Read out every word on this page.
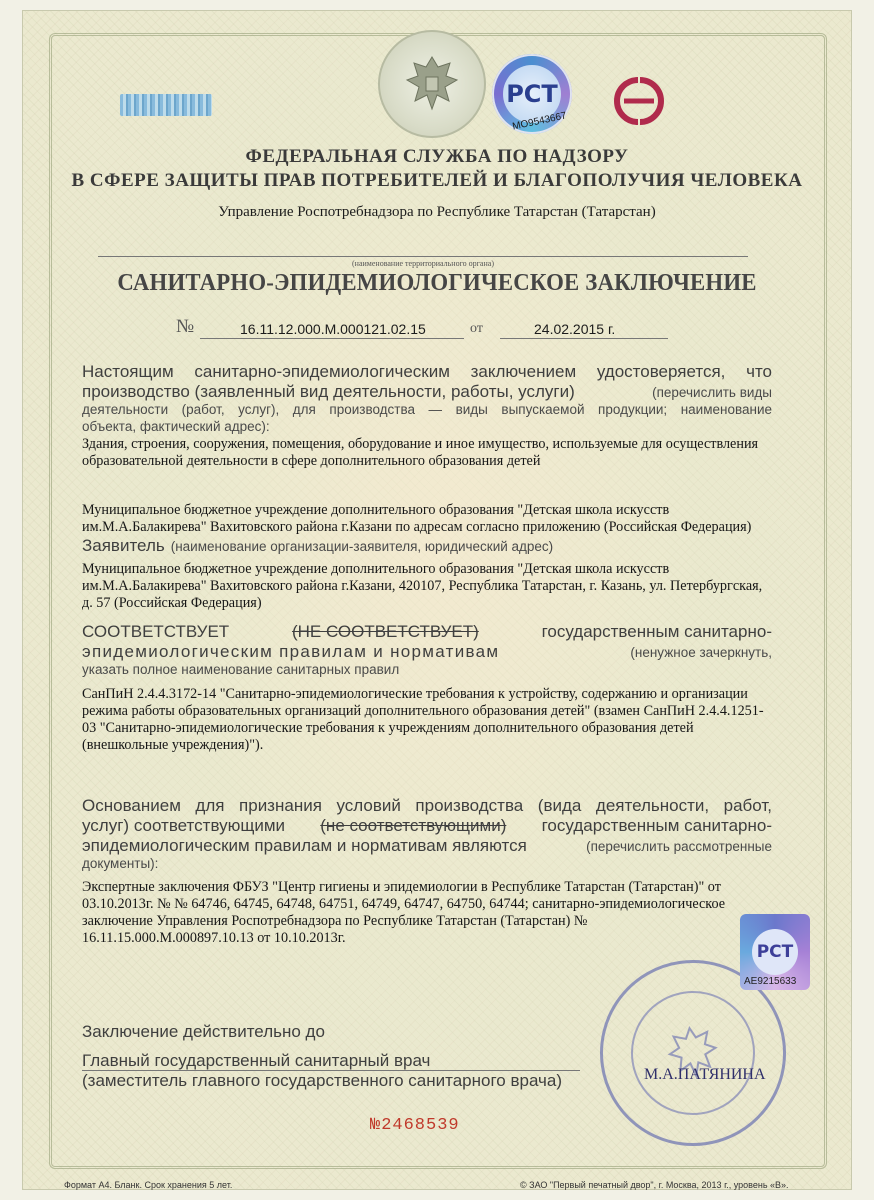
РСТ
MO9543667
ФЕДЕРАЛЬНАЯ СЛУЖБА ПО НАДЗОРУ
В СФЕРЕ ЗАЩИТЫ ПРАВ ПОТРЕБИТЕЛЕЙ И БЛАГОПОЛУЧИЯ ЧЕЛОВЕКА
Управление Роспотребнадзора по Республике Татарстан (Татарстан)
(наименование территориального органа)
САНИТАРНО-ЭПИДЕМИОЛОГИЧЕСКОЕ ЗАКЛЮЧЕНИЕ
№	16.11.12.000.М.000121.02.15	от	24.02.2015 г.
Настоящим санитарно-эпидемиологическим заключением удостоверяется, что
производство (заявленный вид деятельности, работы, услуги)	(перечислить виды
деятельности (работ, услуг), для производства — виды выпускаемой продукции; наименование
объекта, фактический адрес):
Здания, строения, сооружения, помещения, оборудование и иное имущество, используемые для осуществления
образовательной деятельности в сфере дополнительного образования детей
Муниципальное бюджетное учреждение дополнительного образования "Детская школа искусств
им.М.А.Балакирева" Вахитовского района г.Казани по адресам согласно приложению (Российская Федерация)
Заявитель (наименование организации-заявителя, юридический адрес)
Муниципальное бюджетное учреждение дополнительного образования "Детская школа искусств
им.М.А.Балакирева" Вахитовского района г.Казани, 420107, Республика Татарстан, г. Казань, ул. Петербургская,
д. 57 (Российская Федерация)
СООТВЕТСТВУЕТ	(НЕ СООТВЕТСТВУЕТ)	государственным санитарно-
эпидемиологическим правилам и нормативам	(ненужное зачеркнуть,
указать полное наименование санитарных правил
СанПиН 2.4.4.3172-14 "Санитарно-эпидемиологические требования к устройству, содержанию и организации
режима работы образовательных организаций дополнительного образования детей" (взамен СанПиН 2.4.4.1251-
03 "Санитарно-эпидемиологические требования к учреждениям дополнительного образования детей
(внешкольные учреждения)").
Основанием для признания условий производства (вида деятельности, работ,
услуг) соответствующими (не соответствующими) государственным санитарно-
эпидемиологическим правилам и нормативам являются	(перечислить рассмотренные
документы):
Экспертные заключения ФБУЗ "Центр гигиены и эпидемиологии в Республике Татарстан (Татарстан)" от
03.10.2013г. № № 64746, 64745, 64748, 64751, 64749, 64747, 64750, 64744; санитарно-эпидемиологическое
заключение Управления Роспотребнадзора по Республике Татарстан (Татарстан) №
16.11.15.000.М.000897.10.13 от 10.10.2013г.
Заключение действительно до
Главный государственный санитарный врач
(заместитель главного государственного санитарного врача)
РСТ
АЕ9215633
М.А.ПАТЯНИНА
№2468539
Формат А4. Бланк. Срок хранения 5 лет.	© ЗАО "Первый печатный двор", г. Москва, 2013 г., уровень «В».
